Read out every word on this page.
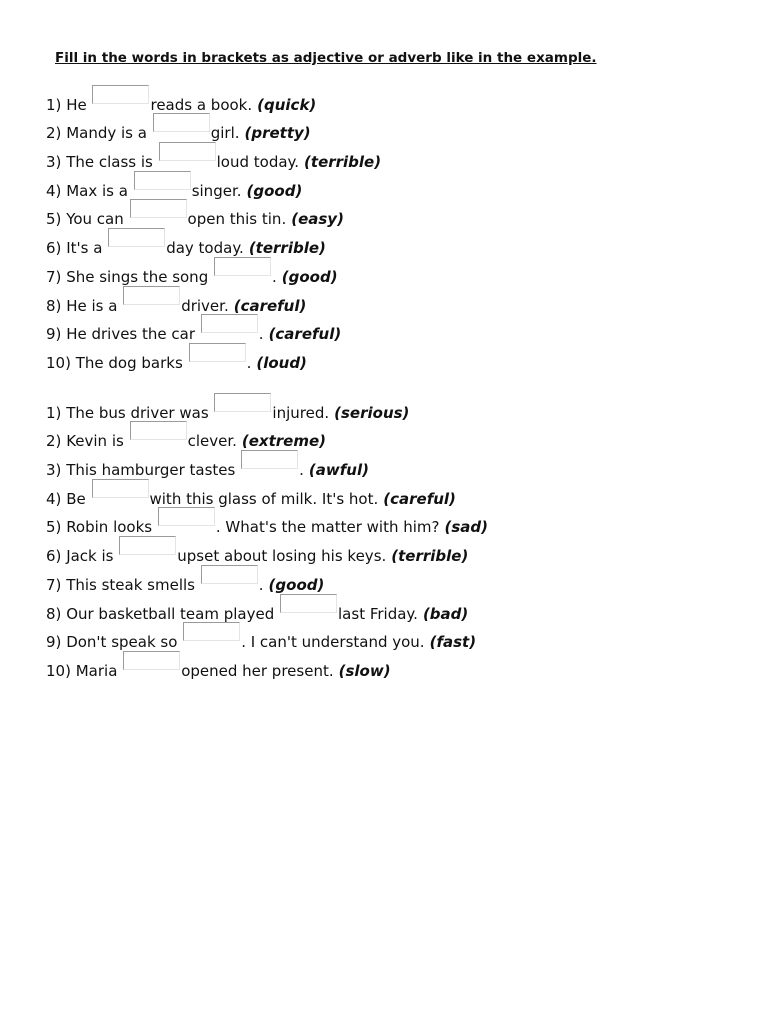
Fill in the words in brackets as adjective or adverb like in the example.
1)
He
	reads a book. (quick)
2)
Mandy is a
	girl. (pretty)
3)
The class is
	loud today. (terrible)
4)
Max is a
	singer. (good)
5)
You can
	open this tin. (easy)
6)
It's a
	day today. (terrible)
7)
She sings the song
	. (good)
8)
He is a
	driver. (careful)
9)
He drives the car
	. (careful)
10)
The dog barks
	. (loud)
1)
The bus driver was
	injured. (serious)
2)
Kevin is
	clever. (extreme)
3)
This hamburger tastes
	. (awful)
4)
Be
	with this glass of milk. It's hot. (careful)
5)
Robin looks
	. What's the matter with him? (sad)
6)
Jack is
	upset about losing his keys. (terrible)
7)
This steak smells
	. (good)
8)
Our basketball team played
	last Friday. (bad)
9)
Don't speak so
	. I can't understand you. (fast)
10)
Maria
	opened her present. (slow)
